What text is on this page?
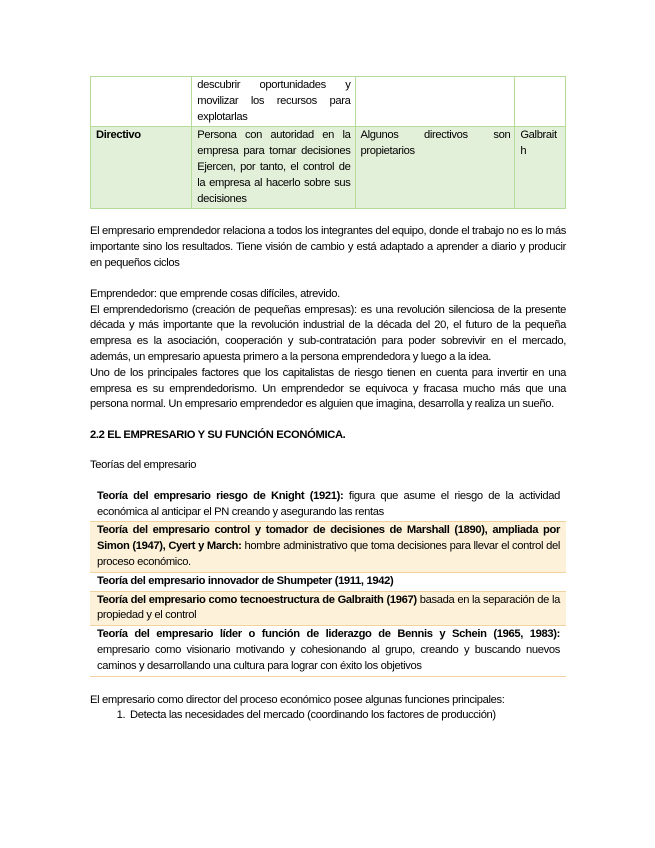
	descubrir oportunidades y movilizar los recursos para explotarlas		
Directivo	Persona con autoridad en la empresa para tomar decisiones Ejercen, por tanto, el control de la empresa al hacerlo sobre sus decisiones	Algunos directivos son propietarios	Galbraith

El empresario emprendedor relaciona a todos los integrantes del equipo, donde el trabajo no es lo más importante sino los resultados. Tiene visión de cambio y está adaptado a aprender a diario y producir en pequeños ciclos

Emprendedor: que emprende cosas difíciles, atrevido.

El emprendedorismo (creación de pequeñas empresas): es una revolución silenciosa de la presente década y más importante que la revolución industrial de la década del 20, el futuro de la pequeña empresa es la asociación, cooperación y sub-contratación para poder sobrevivir en el mercado, además, un empresario apuesta primero a la persona emprendedora y luego a la idea.

Uno de los principales factores que los capitalistas de riesgo tienen en cuenta para invertir en una empresa es su emprendedorismo. Un emprendedor se equivoca y fracasa mucho más que una persona normal. Un empresario emprendedor es alguien que imagina, desarrolla y realiza un sueño.

2.2 EL EMPRESARIO Y SU FUNCIÓN ECONÓMICA.

Teorías del empresario

Teoría del empresario riesgo de Knight (1921): figura que asume el riesgo de la actividad económica al anticipar el PN creando y asegurando las rentas
Teoría del empresario control y tomador de decisiones de Marshall (1890), ampliada por Simon (1947), Cyert y March: hombre administrativo que toma decisiones para llevar el control del proceso económico.
Teoría del empresario innovador de Shumpeter (1911, 1942)
Teoría del empresario como tecnoestructura de Galbraith (1967) basada en la separación de la propiedad y el control
Teoría del empresario líder o función de liderazgo de Bennis y Schein (1965, 1983): empresario como visionario motivando y cohesionando al grupo, creando y buscando nuevos caminos y desarrollando una cultura para lograr con éxito los objetivos

El empresario como director del proceso económico posee algunas funciones principales:

1. Detecta las necesidades del mercado (coordinando los factores de producción)
